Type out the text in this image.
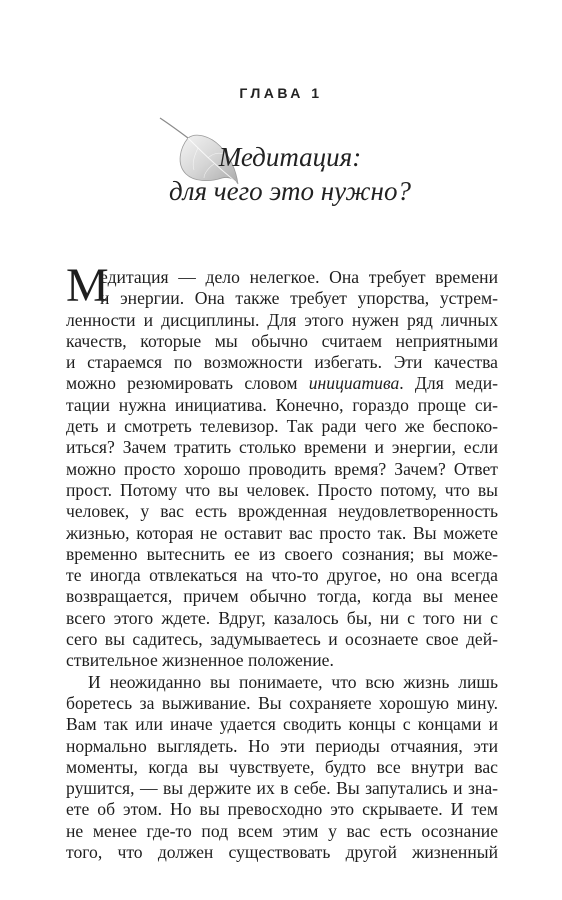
ГЛАВА 1
Медитация:
для чего это нужно?
М
едитация — дело нелегкое. Она требует времени
и энергии. Она также требует упорства, устрем-
ленности и дисциплины. Для этого нужен ряд личных
качеств, которые мы обычно считаем неприятными
и стараемся по возможности избегать. Эти качества
можно резюмировать словом инициатива. Для меди-
тации нужна инициатива. Конечно, гораздо проще си-
деть и смотреть телевизор. Так ради чего же беспоко-
иться? Зачем тратить столько времени и энергии, если
можно просто хорошо проводить время? Зачем? Ответ
прост. Потому что вы человек. Просто потому, что вы
человек, у вас есть врожденная неудовлетворенность
жизнью, которая не оставит вас просто так. Вы можете
временно вытеснить ее из своего сознания; вы може-
те иногда отвлекаться на что-то другое, но она всегда
возвращается, причем обычно тогда, когда вы менее
всего этого ждете. Вдруг, казалось бы, ни с того ни с
сего вы садитесь, задумываетесь и осознаете свое дей-
ствительное жизненное положение.
И неожиданно вы понимаете, что всю жизнь лишь
боретесь за выживание. Вы сохраняете хорошую мину.
Вам так или иначе удается сводить концы с концами и
нормально выглядеть. Но эти периоды отчаяния, эти
моменты, когда вы чувствуете, будто все внутри вас
рушится, — вы держите их в себе. Вы запутались и зна-
ете об этом. Но вы превосходно это скрываете. И тем
не менее где-то под всем этим у вас есть осознание
того, что должен существовать другой жизненный
